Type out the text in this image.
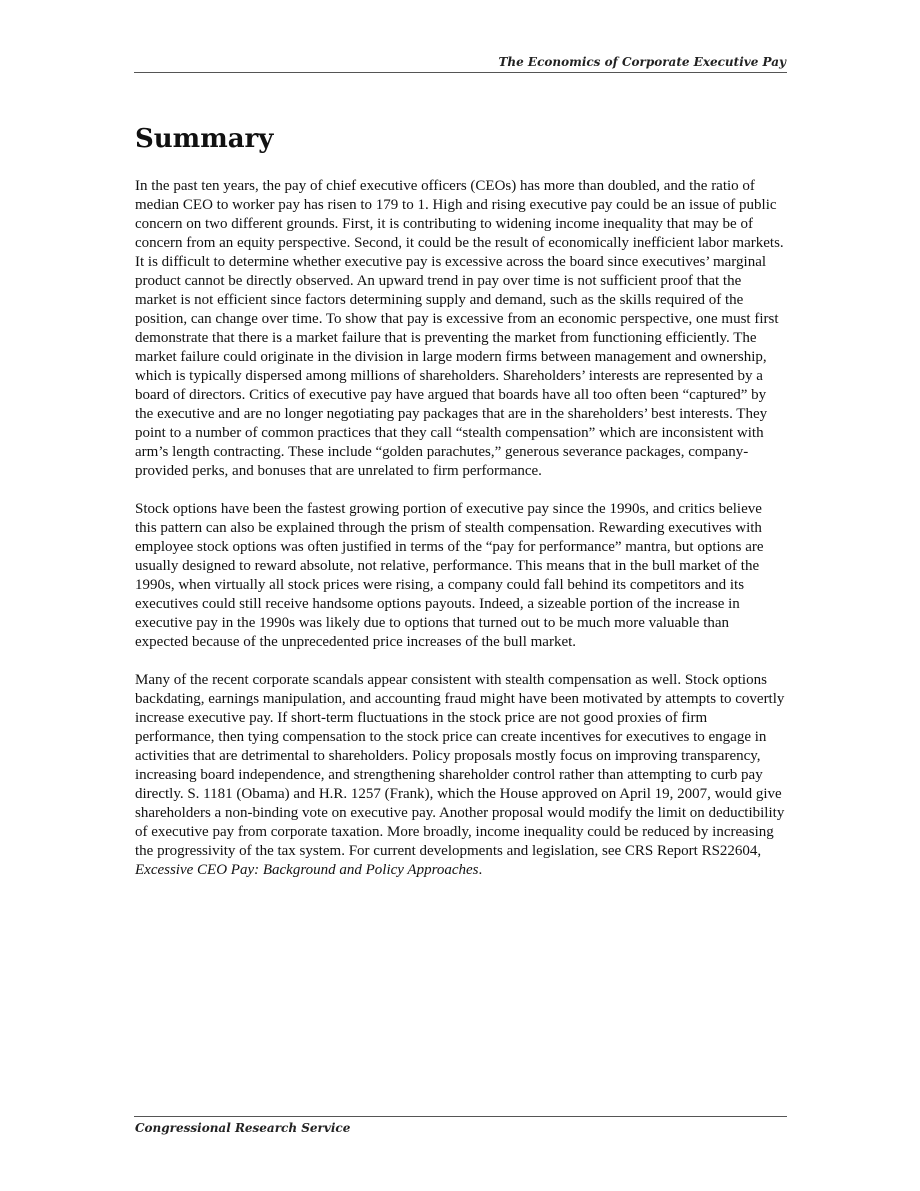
The Economics of Corporate Executive Pay
Summary

In the past ten years, the pay of chief executive officers (CEOs) has more than doubled, and the ratio of median CEO to worker pay has risen to 179 to 1. High and rising executive pay could be an issue of public concern on two different grounds. First, it is contributing to widening income inequality that may be of concern from an equity perspective. Second, it could be the result of economically inefficient labor markets. It is difficult to determine whether executive pay is excessive across the board since executives’ marginal product cannot be directly observed. An upward trend in pay over time is not sufficient proof that the market is not efficient since factors determining supply and demand, such as the skills required of the position, can change over time. To show that pay is excessive from an economic perspective, one must first demonstrate that there is a market failure that is preventing the market from functioning efficiently. The market failure could originate in the division in large modern firms between management and ownership, which is typically dispersed among millions of shareholders. Shareholders’ interests are represented by a board of directors. Critics of executive pay have argued that boards have all too often been “captured” by the executive and are no longer negotiating pay packages that are in the shareholders’ best interests. They point to a number of common practices that they call “stealth compensation” which are inconsistent with arm’s length contracting. These include “golden parachutes,” generous severance packages, company-provided perks, and bonuses that are unrelated to firm performance.

Stock options have been the fastest growing portion of executive pay since the 1990s, and critics believe this pattern can also be explained through the prism of stealth compensation. Rewarding executives with employee stock options was often justified in terms of the “pay for performance” mantra, but options are usually designed to reward absolute, not relative, performance. This means that in the bull market of the 1990s, when virtually all stock prices were rising, a company could fall behind its competitors and its executives could still receive handsome options payouts. Indeed, a sizeable portion of the increase in executive pay in the 1990s was likely due to options that turned out to be much more valuable than expected because of the unprecedented price increases of the bull market.

Many of the recent corporate scandals appear consistent with stealth compensation as well. Stock options backdating, earnings manipulation, and accounting fraud might have been motivated by attempts to covertly increase executive pay. If short-term fluctuations in the stock price are not good proxies of firm performance, then tying compensation to the stock price can create incentives for executives to engage in activities that are detrimental to shareholders. Policy proposals mostly focus on improving transparency, increasing board independence, and strengthening shareholder control rather than attempting to curb pay directly. S. 1181 (Obama) and H.R. 1257 (Frank), which the House approved on April 19, 2007, would give shareholders a non-binding vote on executive pay. Another proposal would modify the limit on deductibility of executive pay from corporate taxation. More broadly, income inequality could be reduced by increasing the progressivity of the tax system. For current developments and legislation, see CRS Report RS22604, Excessive CEO Pay: Background and Policy Approaches.

Congressional Research Service
